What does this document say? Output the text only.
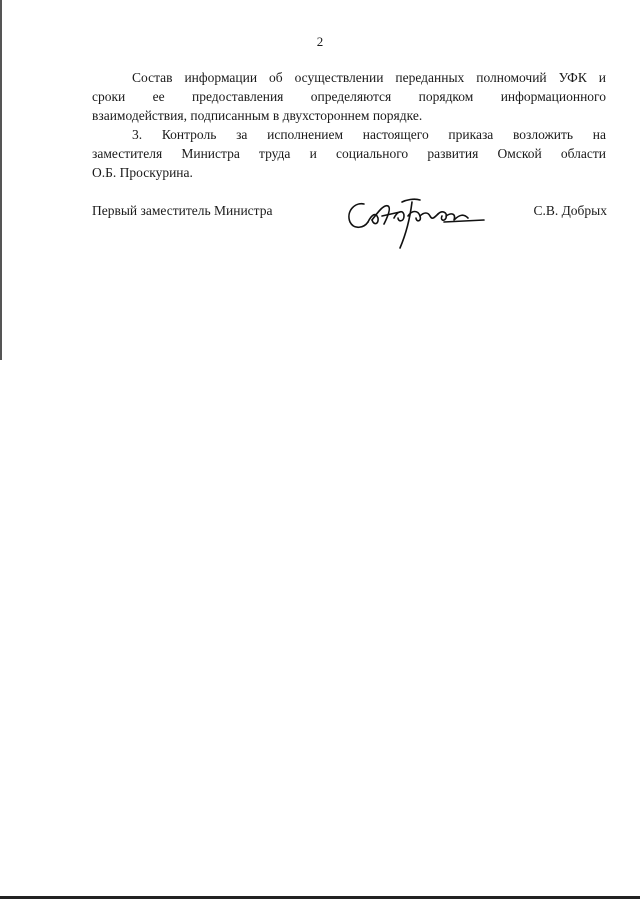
2
Состав информации об осуществлении переданных полномочий УФК и
сроки ее предоставления определяются порядком информационного
взаимодействия, подписанным в двухстороннем порядке.
3. Контроль за исполнением настоящего приказа возложить на
заместителя Министра труда и социального развития Омской области
О.Б. Проскурина.
Первый заместитель Министра	С.В. Добрых
